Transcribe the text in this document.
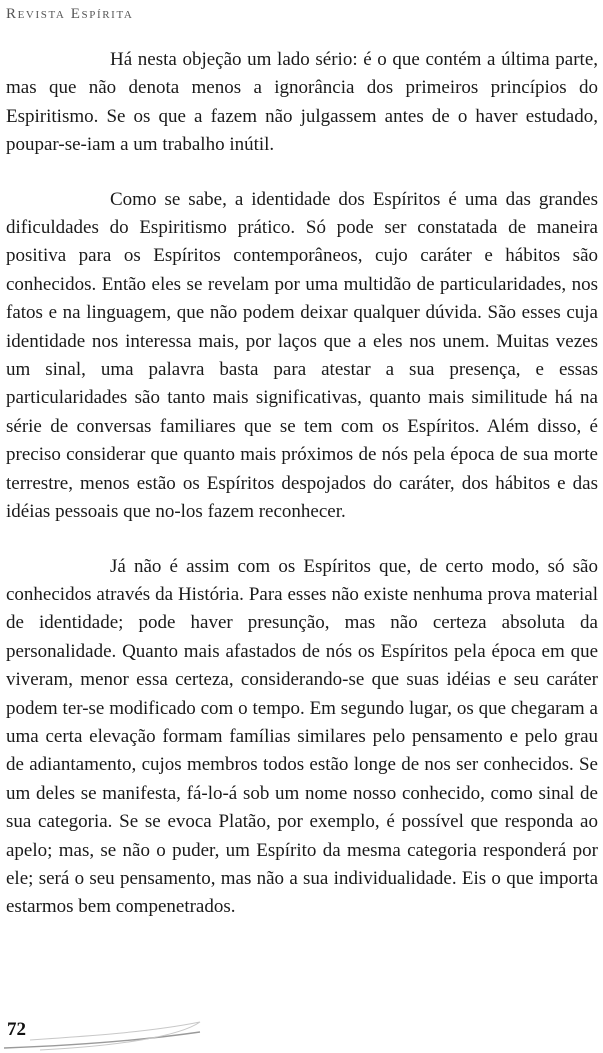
Revista Espírita

Há nesta objeção um lado sério: é o que contém a última parte, mas que não denota menos a ignorância dos primeiros princípios do Espiritismo. Se os que a fazem não julgassem antes de o haver estudado, poupar-se-iam a um trabalho inútil.

Como se sabe, a identidade dos Espíritos é uma das grandes dificuldades do Espiritismo prático. Só pode ser constatada de maneira positiva para os Espíritos contemporâneos, cujo caráter e hábitos são conhecidos. Então eles se revelam por uma multidão de particularidades, nos fatos e na linguagem, que não podem deixar qualquer dúvida. São esses cuja identidade nos interessa mais, por laços que a eles nos unem. Muitas vezes um sinal, uma palavra basta para atestar a sua presença, e essas particularidades são tanto mais significativas, quanto mais similitude há na série de conversas familiares que se tem com os Espíritos. Além disso, é preciso considerar que quanto mais próximos de nós pela época de sua morte terrestre, menos estão os Espíritos despojados do caráter, dos hábitos e das idéias pessoais que no-los fazem reconhecer.

Já não é assim com os Espíritos que, de certo modo, só são conhecidos através da História. Para esses não existe nenhuma prova material de identidade; pode haver presunção, mas não certeza absoluta da personalidade. Quanto mais afastados de nós os Espíritos pela época em que viveram, menor essa certeza, considerando-se que suas idéias e seu caráter podem ter-se modificado com o tempo. Em segundo lugar, os que chegaram a uma certa elevação formam famílias similares pelo pensamento e pelo grau de adiantamento, cujos membros todos estão longe de nos ser conhecidos. Se um deles se manifesta, fá-lo-á sob um nome nosso conhecido, como sinal de sua categoria. Se se evoca Platão, por exemplo, é possível que responda ao apelo; mas, se não o puder, um Espírito da mesma categoria responderá por ele; será o seu pensamento, mas não a sua individualidade. Eis o que importa estarmos bem compenetrados.

72
